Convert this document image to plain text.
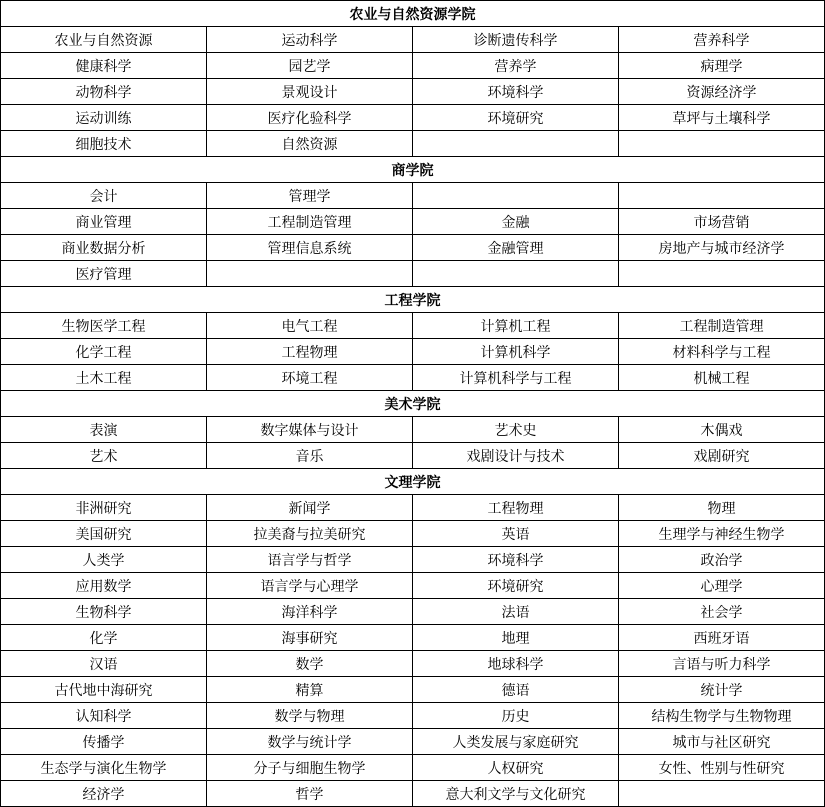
农业与自然资源学院			
农业与自然资源	运动科学	诊断遗传科学	营养科学
健康科学	园艺学	营养学	病理学
动物科学	景观设计	环境科学	资源经济学
运动训练	医疗化验科学	环境研究	草坪与土壤科学
细胞技术	自然资源		
商学院			
会计	管理学		
商业管理	工程制造管理	金融	市场营销
商业数据分析	管理信息系统	金融管理	房地产与城市经济学
医疗管理			
工程学院			
生物医学工程	电气工程	计算机工程	工程制造管理
化学工程	工程物理	计算机科学	材料科学与工程
土木工程	环境工程	计算机科学与工程	机械工程
美术学院			
表演	数字媒体与设计	艺术史	木偶戏
艺术	音乐	戏剧设计与技术	戏剧研究
文理学院			
非洲研究	新闻学	工程物理	物理
美国研究	拉美裔与拉美研究	英语	生理学与神经生物学
人类学	语言学与哲学	环境科学	政治学
应用数学	语言学与心理学	环境研究	心理学
生物科学	海洋科学	法语	社会学
化学	海事研究	地理	西班牙语
汉语	数学	地球科学	言语与听力科学
古代地中海研究	精算	德语	统计学
认知科学	数学与物理	历史	结构生物学与生物物理
传播学	数学与统计学	人类发展与家庭研究	城市与社区研究
生态学与演化生物学	分子与细胞生物学	人权研究	女性、性别与性研究
经济学	哲学	意大利文学与文化研究	
